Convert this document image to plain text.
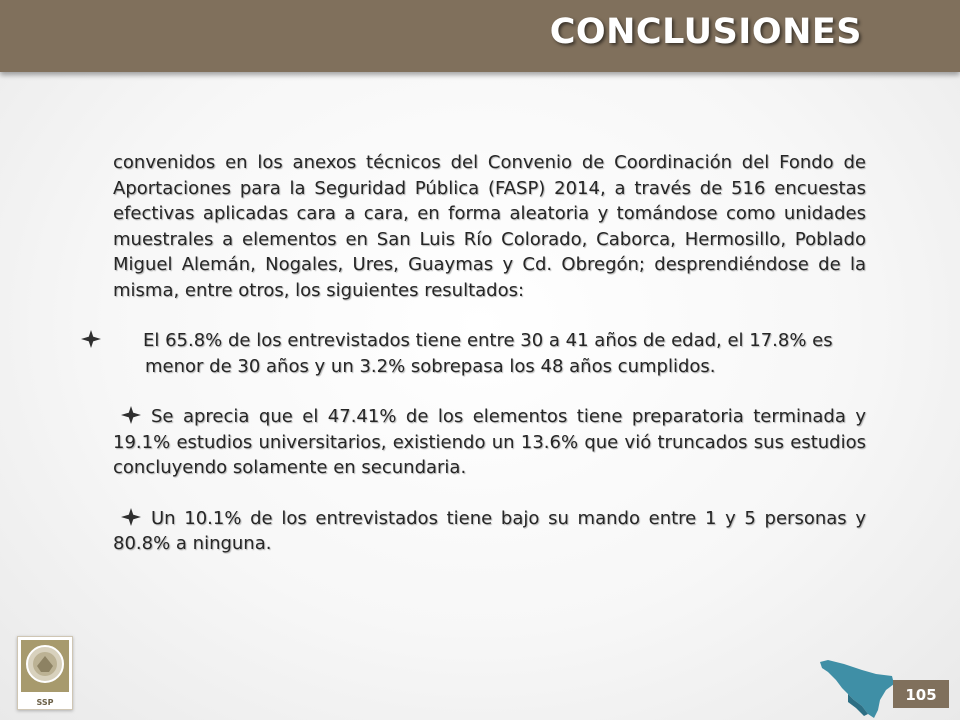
CONCLUSIONES

convenidos en los anexos técnicos del Convenio de Coordinación del Fondo de Aportaciones para la Seguridad Pública (FASP) 2014, a través de 516 encuestas efectivas aplicadas cara a cara, en forma aleatoria y tomándose como unidades muestrales a elementos en San Luis Río Colorado, Caborca, Hermosillo, Poblado Miguel Alemán, Nogales, Ures, Guaymas y Cd. Obregón; desprendiéndose de la misma, entre otros, los siguientes resultados:

El 65.8% de los entrevistados tiene entre 30 a 41 años de edad, el 17.8% es menor de 30 años y un 3.2% sobrepasa los 48 años cumplidos.

Se aprecia que el 47.41% de los elementos tiene preparatoria terminada y 19.1% estudios universitarios, existiendo un 13.6% que vió truncados sus estudios concluyendo solamente en secundaria.

Un 10.1% de los entrevistados tiene bajo su mando entre 1 y 5 personas y 80.8% a ninguna.

SSP	105
